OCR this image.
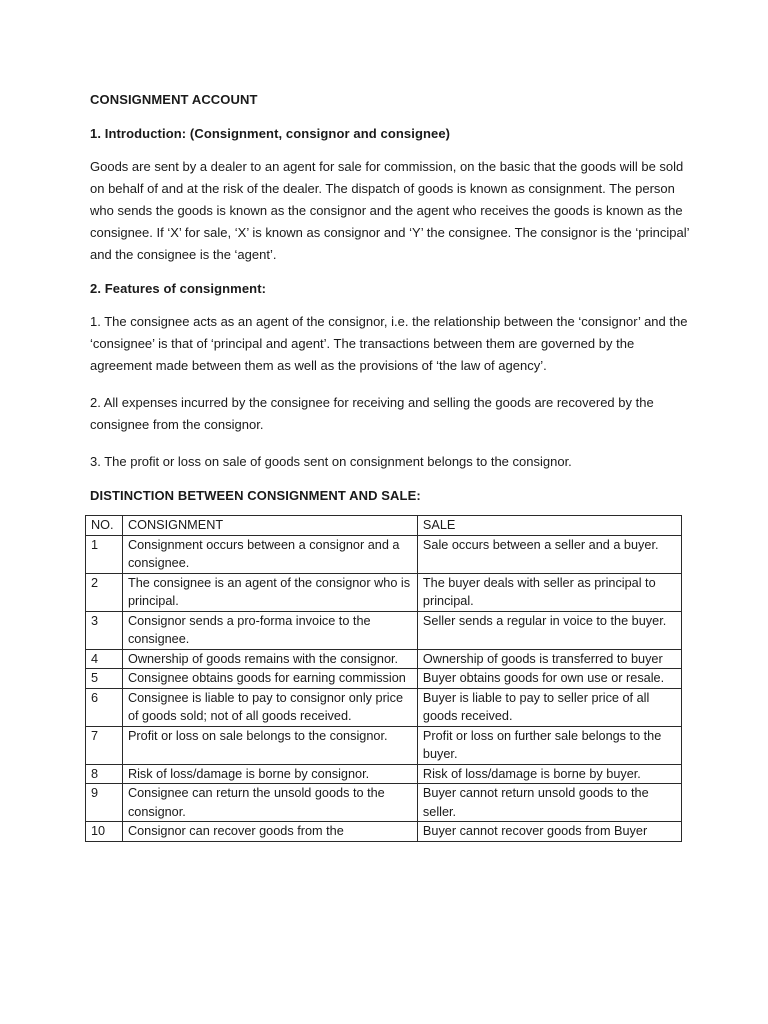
CONSIGNMENT ACCOUNT
1. Introduction: (Consignment, consignor and consignee)

Goods are sent by a dealer to an agent for sale for commission, on the basic that the goods will be sold on behalf of and at the risk of the dealer. The dispatch of goods is known as consignment. The person who sends the goods is known as the consignor and the agent who receives the goods is known as the consignee. If ‘X’ for sale, ‘X’ is known as consignor and ‘Y’ the consignee. The consignor is the ‘principal’ and the consignee is the ‘agent’.

2. Features of consignment:

1. The consignee acts as an agent of the consignor, i.e. the relationship between the ‘consignor’ and the ‘consignee’ is that of ‘principal and agent’. The transactions between them are governed by the agreement made between them as well as the provisions of ‘the law of agency’.

2. All expenses incurred by the consignee for receiving and selling the goods are recovered by the consignee from the consignor.

3. The profit or loss on sale of goods sent on consignment belongs to the consignor.

DISTINCTION BETWEEN CONSIGNMENT AND SALE:
NO.	CONSIGNMENT	SALE
1	Consignment occurs between a consignor and a consignee.	Sale occurs between a seller and a buyer.
2	The consignee is an agent of the consignor who is principal.	The buyer deals with seller as principal to principal.
3	Consignor sends a pro-forma invoice to the consignee.	Seller sends a regular in voice to the buyer.
4	Ownership of goods remains with the consignor.	Ownership of goods is transferred to buyer
5	Consignee obtains goods for earning commission	Buyer obtains goods for own use or resale.
6	Consignee is liable to pay to consignor only price of goods sold; not of all goods received.	Buyer is liable to pay to seller price of all goods received.
7	Profit or loss on sale belongs to the consignor.	Profit or loss on further sale belongs to the buyer.
8	Risk of loss/damage is borne by consignor.	Risk of loss/damage is borne by buyer.
9	Consignee can return the unsold goods to the consignor.	Buyer cannot return unsold goods to the seller.
10	Consignor can recover goods from the	Buyer cannot recover goods from Buyer
